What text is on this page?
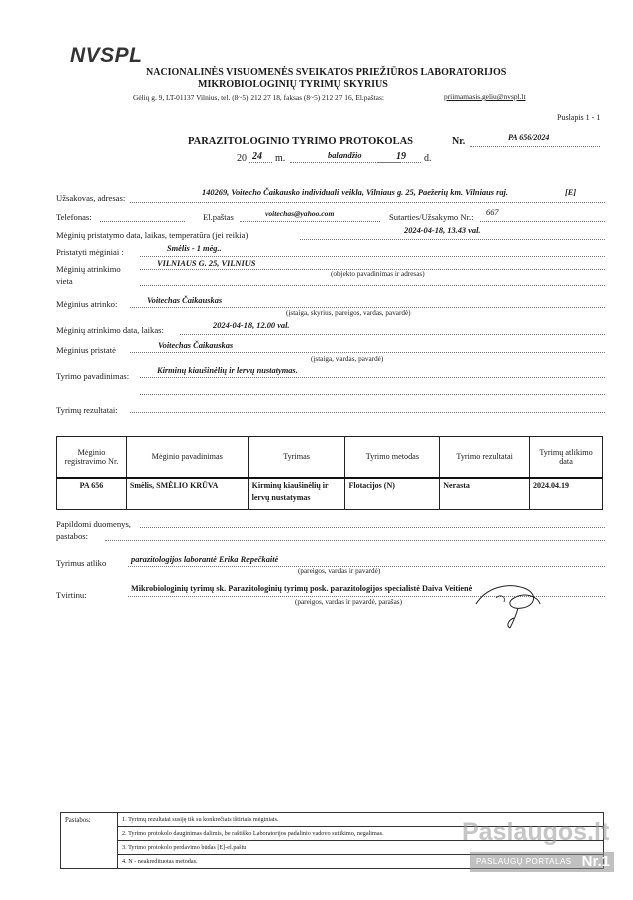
NVSPL
NACIONALINĖS VISUOMENĖS SVEIKATOS PRIEŽIŪROS LABORATORIJOS
MIKROBIOLOGINIŲ TYRIMŲ SKYRIUS
Gėlių g. 9, LT-01137 Vilnius, tel. (8~5) 212 27 18, faksas (8~5) 212 27 16, El.paštas:	priimamasis.geliu@nvspl.lt
Puslapis 1 - 1
PARAZITOLOGINIO TYRIMO PROTOKOLAS	Nr.	PA 656/2024
20 24 m.	balandžio	19 d.
Užsakovas, adresas:
140269, Voitecho Čaikausko individuali veikla, Vilniaus g. 25, Paežerių km. Vilniaus raj.	[E]
Telefonas:	El.paštas	voitechas@yahoo.com	Sutarties/Užsakymo Nr.: 667
Mėginių pristatymo data, laikas, temperatūra (jei reikia)	2024-04-18, 13.43 val.
Pristatyti mėginiai :	Smėlis - 1 mėg..
Mėginių atrinkimo
vieta
VILNIAUS G. 25, VILNIUS
(objekto pavadinimas ir adresas)
Mėginius atrinko:	Voitechas Čaikauskas
(įstaiga, skyrius, pareigos, vardas, pavardė)
Mėginių atrinkimo data, laikas:	2024-04-18, 12.00 val.
Mėginius pristatė	Voitechas Čaikauskas
(įstaiga, vardas, pavardė)
Tyrimo pavadinimas:
Kirminų kiaušinėlių ir lervų nustatymas.
Tyrimų rezultatai:
Mėginio registravimo Nr.	Mėginio pavadinimas	Tyrimas	Tyrimo metodas	Tyrimo rezultatai	Tyrimų atlikimo data
PA 656	Smėlis, SMĖLIO KRŪVA	Kirminų kiaušinėlių ir lervų nustatymas	Flotacijos (N)	Nerasta	2024.04.19
Papildomi duomenys,
pastabos:
Tyrimus atliko	parazitologijos laborantė Erika Repečkaitė
(pareigos, vardas ir pavardė)
Tvirtinu:
Mikrobiologinių tyrimų sk. Parazitologinių tyrimų posk. parazitologijos specialistė Daiva Veitienė
(pareigos, vardas ir pavardė, parašas)
Pastabos:	1. Tyrimų rezultatai susiję tik su konkrečiais ištirtais mėginiais.
2. Tyrimo protokolo dauginimas dalimis, be raštiško Laboratorijos padalinio vadovo sutikimo, negalimas.
3. Tyrimo protokolo perdavimo būdas [E]-el.paštu
4. N - neakredituotas metodas.
Paslaugos.lt
PASLAUGŲ PORTALAS Nr.1
